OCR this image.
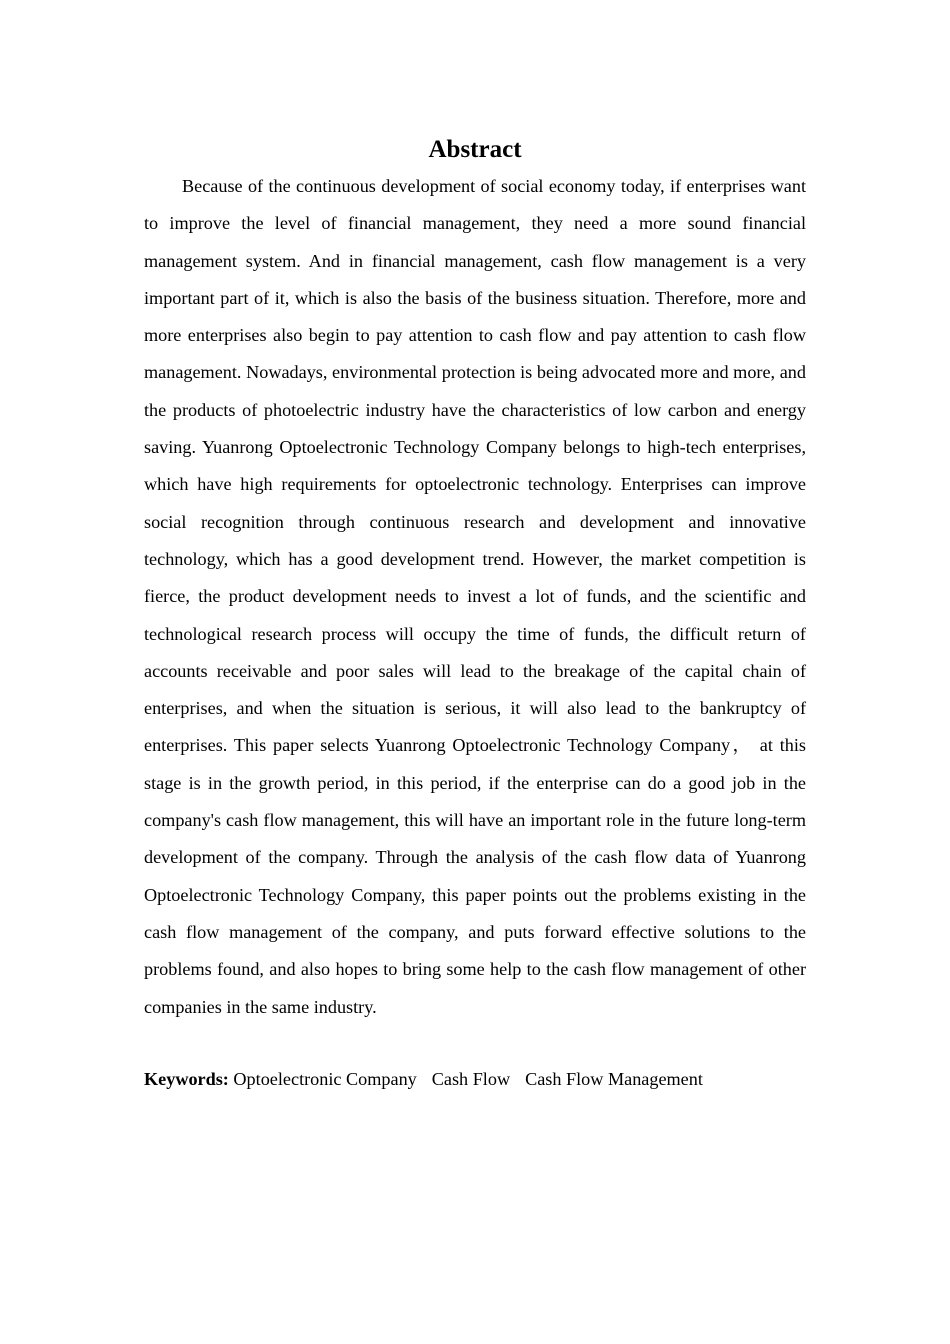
Abstract

Because of the continuous development of social economy today, if enterprises want to improve the level of financial management, they need a more sound financial management system. And in financial management, cash flow management is a very important part of it, which is also the basis of the business situation. Therefore, more and more enterprises also begin to pay attention to cash flow and pay attention to cash flow management. Nowadays, environmental protection is being advocated more and more, and the products of photoelectric industry have the characteristics of low carbon and energy saving. Yuanrong Optoelectronic Technology Company belongs to high-tech enterprises, which have high requirements for optoelectronic technology. Enterprises can improve social recognition through continuous research and development and innovative technology, which has a good development trend. However, the market competition is fierce, the product development needs to invest a lot of funds, and the scientific and technological research process will occupy the time of funds, the difficult return of accounts receivable and poor sales will lead to the breakage of the capital chain of enterprises, and when the situation is serious, it will also lead to the bankruptcy of enterprises. This paper selects Yuanrong Optoelectronic Technology Company， at this stage is in the growth period, in this period, if the enterprise can do a good job in the company's cash flow management, this will have an important role in the future long-term development of the company. Through the analysis of the cash flow data of Yuanrong Optoelectronic Technology Company, this paper points out the problems existing in the cash flow management of the company, and puts forward effective solutions to the problems found, and also hopes to bring some help to the cash flow management of other companies in the same industry.

Keywords: Optoelectronic Company Cash Flow Cash Flow Management
